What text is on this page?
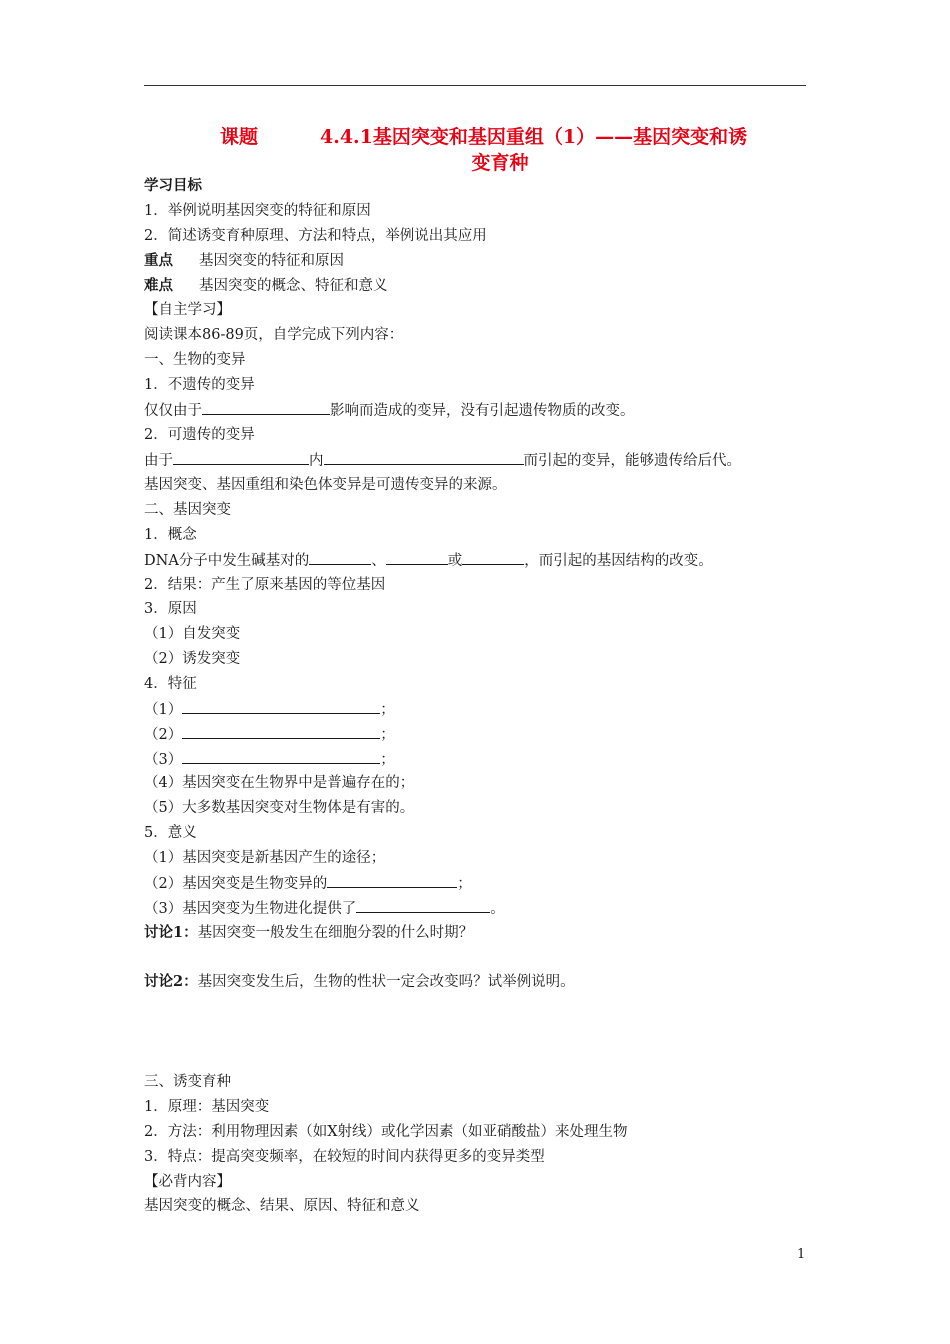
课题	4.4.1基因突变和基因重组（1）——基因突变和诱
变育种
学习目标
1．举例说明基因突变的特征和原因
2．简述诱变育种原理、方法和特点，举例说出其应用
重点 基因突变的特征和原因
难点 基因突变的概念、特征和意义
【自主学习】
阅读课本86-89页，自学完成下列内容：
一、生物的变异
1．不遗传的变异
仅仅由于	影响而造成的变异，没有引起遗传物质的改变。
2．可遗传的变异
由于	内	而引起的变异，能够遗传给后代。
基因突变、基因重组和染色体变异是可遗传变异的来源。
二、基因突变
1．概念
DNA分子中发生碱基对的	、	或	，而引起的基因结构的改变。
2．结果：产生了原来基因的等位基因
3．原因
（1）自发突变
（2）诱发突变
4．特征
（1）	；
（2）	；
（3）	；
（4）基因突变在生物界中是普遍存在的；
（5）大多数基因突变对生物体是有害的。
5．意义
（1）基因突变是新基因产生的途径；
（2）基因突变是生物变异的	；
（3）基因突变为生物进化提供了	。
讨论1：基因突变一般发生在细胞分裂的什么时期？
讨论2：基因突变发生后，生物的性状一定会改变吗？试举例说明。
三、诱变育种
1．原理：基因突变
2．方法：利用物理因素（如X射线）或化学因素（如亚硝酸盐）来处理生物
3．特点：提高突变频率，在较短的时间内获得更多的变异类型
【必背内容】
基因突变的概念、结果、原因、特征和意义
1
